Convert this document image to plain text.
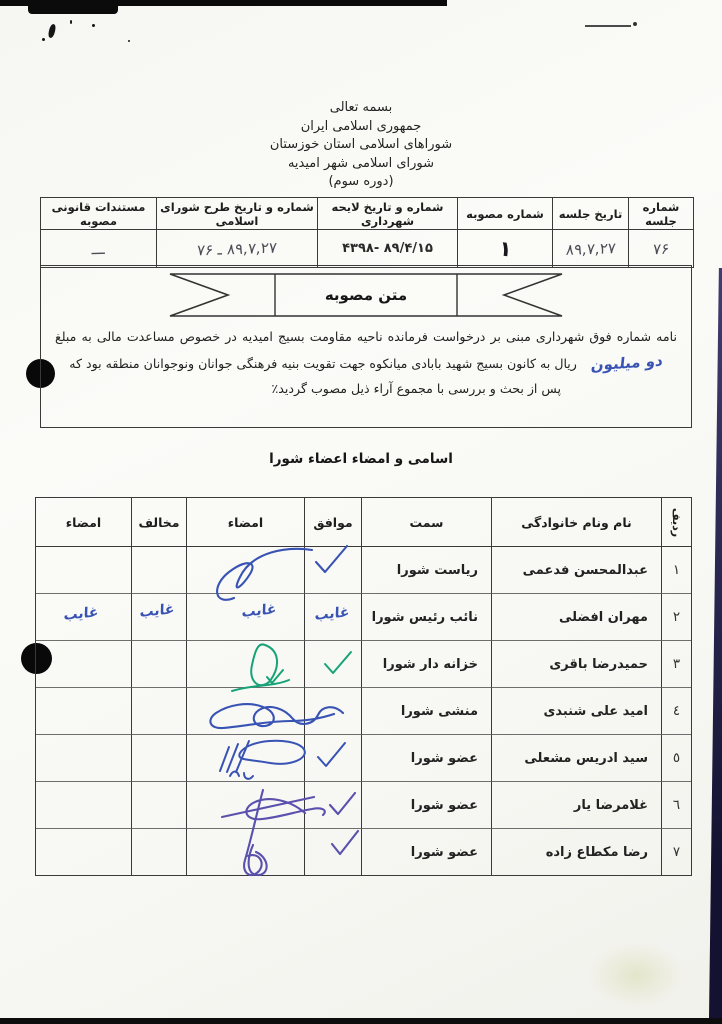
بسمه تعالی
جمهوری اسلامی ایران
شوراهای اسلامی استان خوزستان
شورای اسلامی شهر امیدیه
(دوره سوم)
شماره جلسه
تاریخ جلسه
شماره مصوبه
شماره و تاریخ لایحه شهرداری
شماره و تاریخ طرح شورای اسلامی
مستندات قانونی مصوبه
۷۶
۸۹,۷,۲۷
۱
۸۹/۴/۱۵ -۴۳۹۸
۸۹,۷,۲۷ ـ ۷۶
ـــ
متن مصوبه

نامه شماره فوق شهرداری مبنی بر درخواست فرمانده ناحیه مقاومت بسیج امیدیه در خصوص مساعدت مالی به مبلغدو میلیونریال به کانون بسیج شهید بابادی میانکوه جهت تقویت بنیه فرهنگی جوانان ونوجوانان منطقه بود که

پس از بحث و بررسی با مجموع آراء ذیل مصوب گردید٪
اسامی و امضاء اعضاء شورا
ردیف
نام ونام خانوادگی
سمت
موافق
امضاء
مخالف
امضاء
۱
عبدالمحسن فدعمی
ریاست شورا
۲
مهران افضلی
نائب رئیس شورا
۳
حمیدرضا باقری
خزانه دار شورا
٤
امید علی شنبدی
منشی شورا
٥
سید ادریس مشعلی
عضو شورا
٦
غلامرضا یار
عضو شورا
۷
رضا مکطاع زاده
عضو شورا
غایب
غایب
غایب
غایب
